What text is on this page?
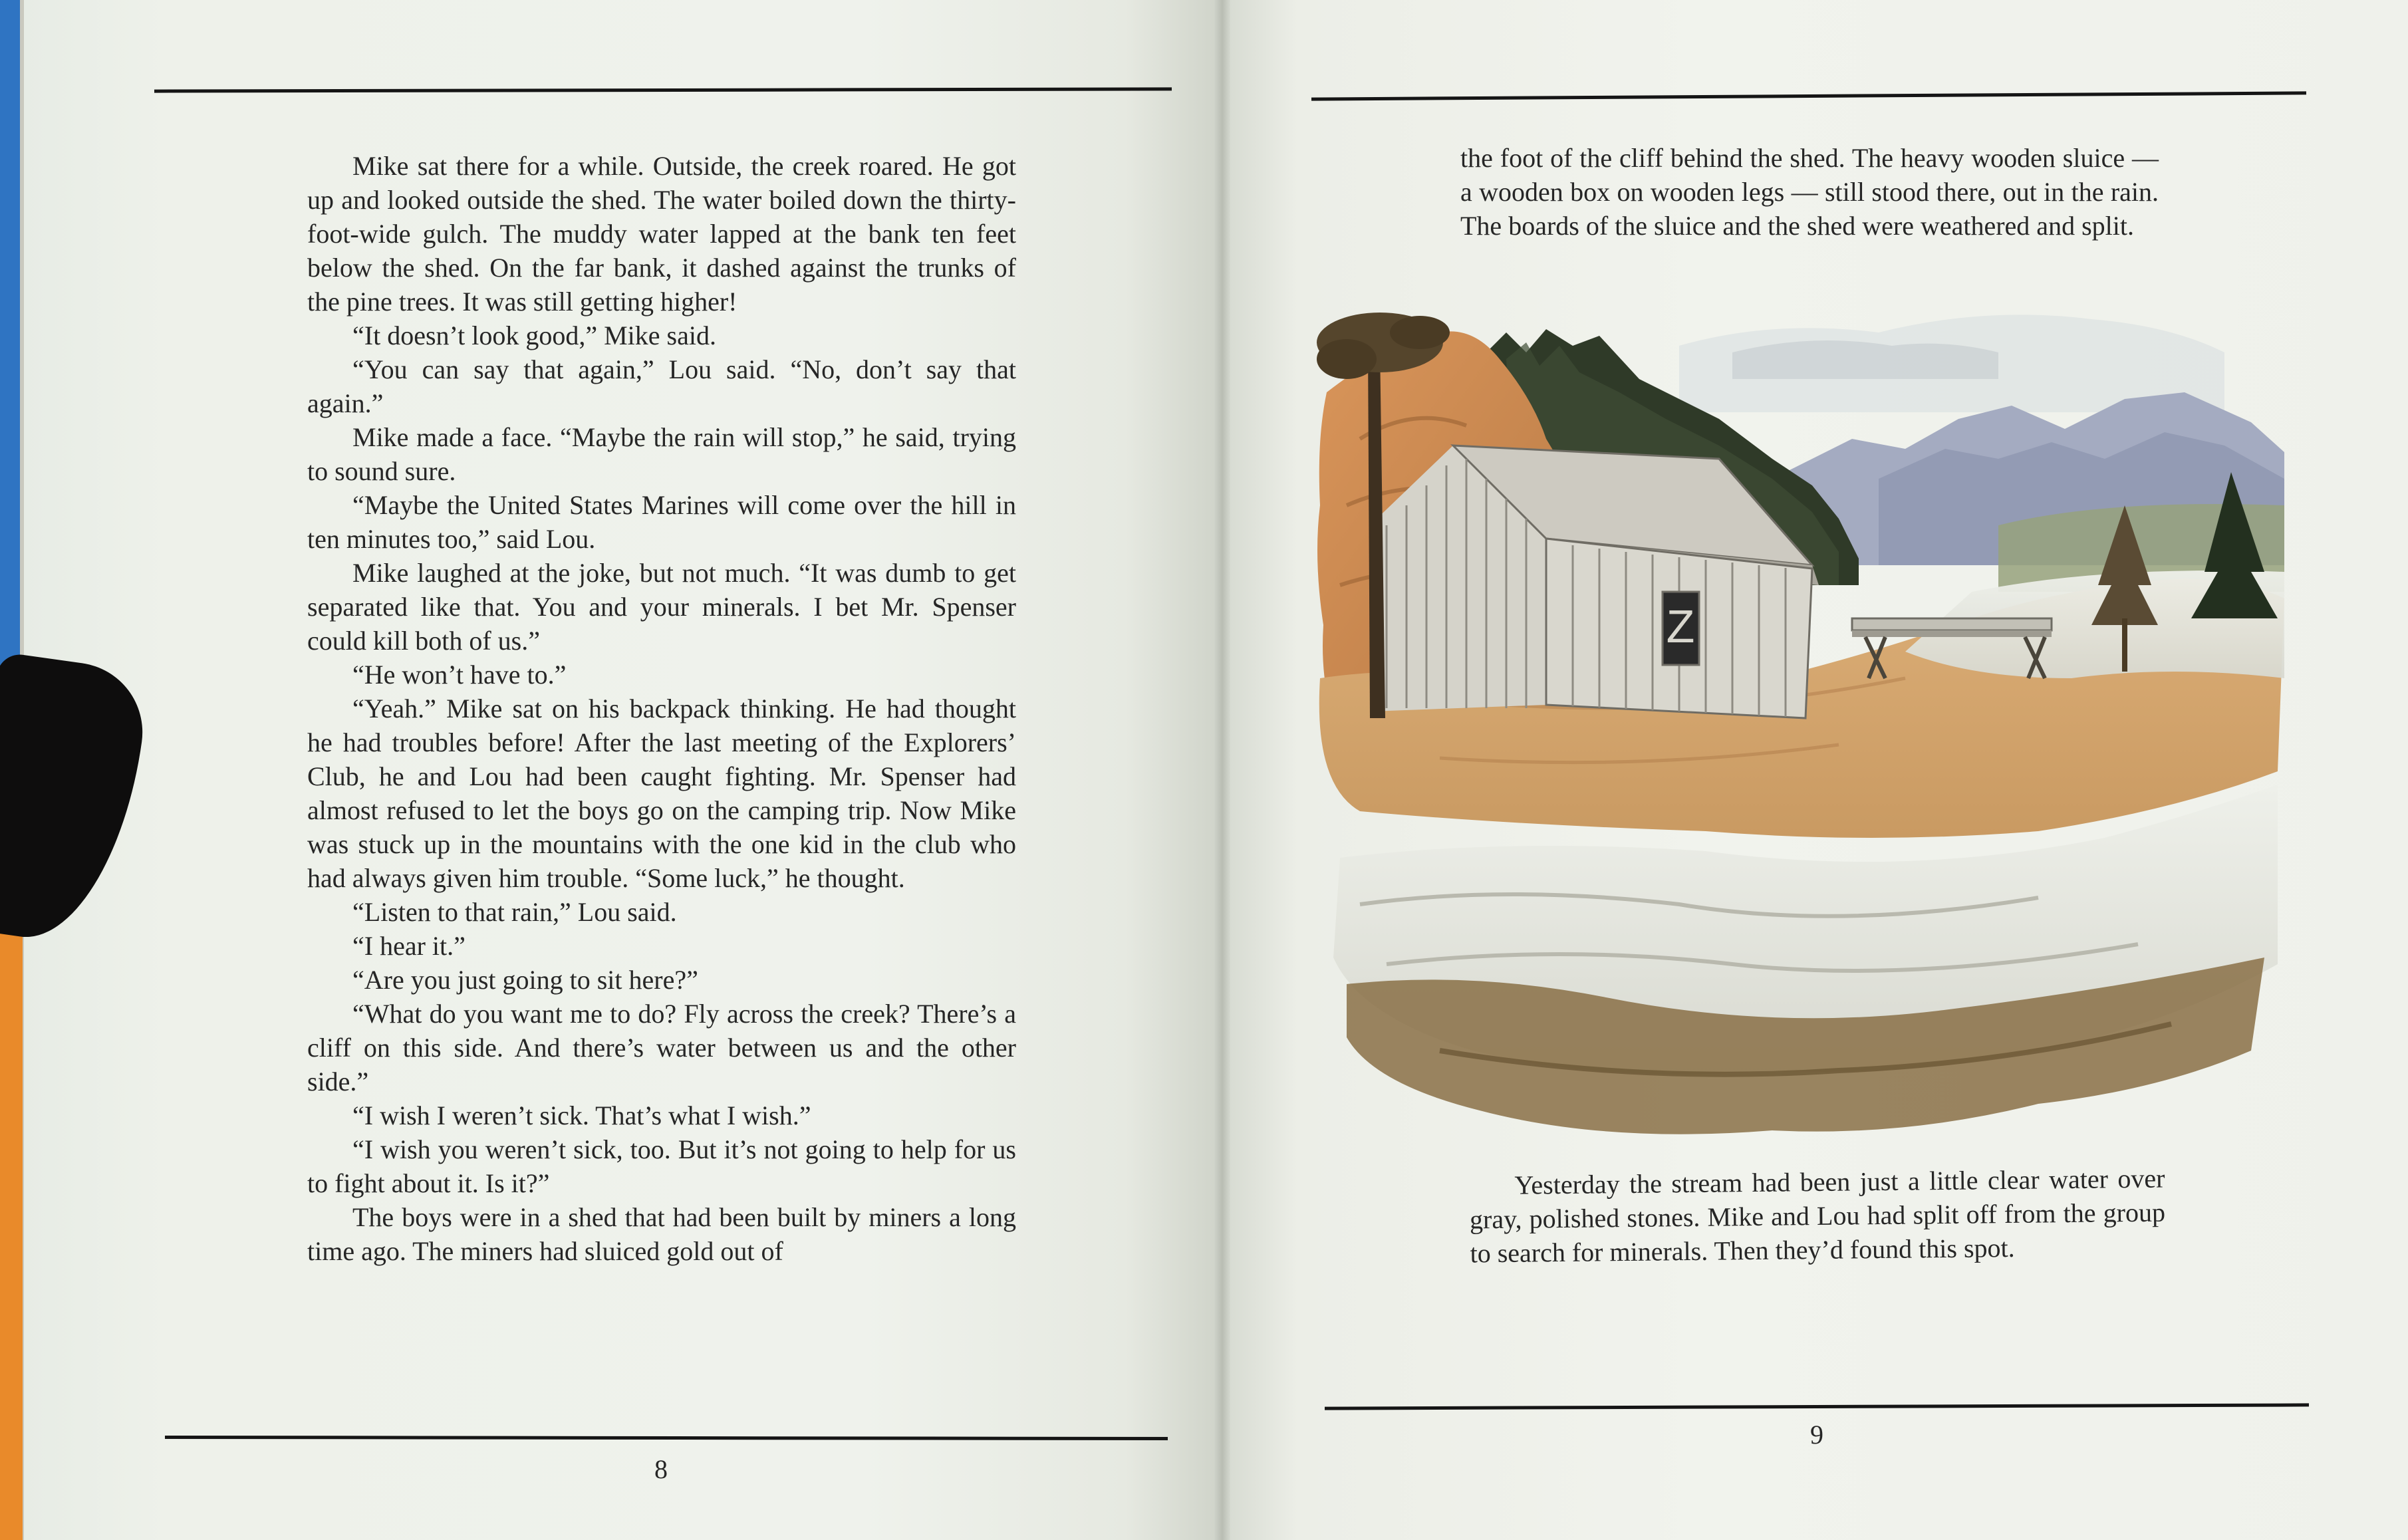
Mike sat there for a while. Outside, the creek roared. He got up and looked outside the shed. The water boiled down the thirty-foot-wide gulch. The muddy water lapped at the bank ten feet below the shed. On the far bank, it dashed against the trunks of the pine trees. It was still getting higher!

“It doesn’t look good,” Mike said.

“You can say that again,” Lou said. “No, don’t say that again.”

Mike made a face. “Maybe the rain will stop,” he said, trying to sound sure.

“Maybe the United States Marines will come over the hill in ten minutes too,” said Lou.

Mike laughed at the joke, but not much. “It was dumb to get separated like that. You and your minerals. I bet Mr. Spenser could kill both of us.”

“He won’t have to.”

“Yeah.” Mike sat on his backpack thinking. He had thought he had troubles before! After the last meeting of the Explorers’ Club, he and Lou had been caught fighting. Mr. Spenser had almost refused to let the boys go on the camping trip. Now Mike was stuck up in the mountains with the one kid in the club who had always given him trouble. “Some luck,” he thought.

“Listen to that rain,” Lou said.

“I hear it.”

“Are you just going to sit here?”

“What do you want me to do? Fly across the creek? There’s a cliff on this side. And there’s water between us and the other side.”

“I wish I weren’t sick. That’s what I wish.”

“I wish you weren’t sick, too. But it’s not going to help for us to fight about it. Is it?”

The boys were in a shed that had been built by miners a long time ago. The miners had sluiced gold out of

8

the foot of the cliff behind the shed. The heavy wooden sluice — a wooden box on wooden legs — still stood there, out in the rain. The boards of the sluice and the shed were weathered and split.

Z

Yesterday the stream had been just a little clear water over gray, polished stones. Mike and Lou had split off from the group to search for minerals. Then they’d found this spot.

9
